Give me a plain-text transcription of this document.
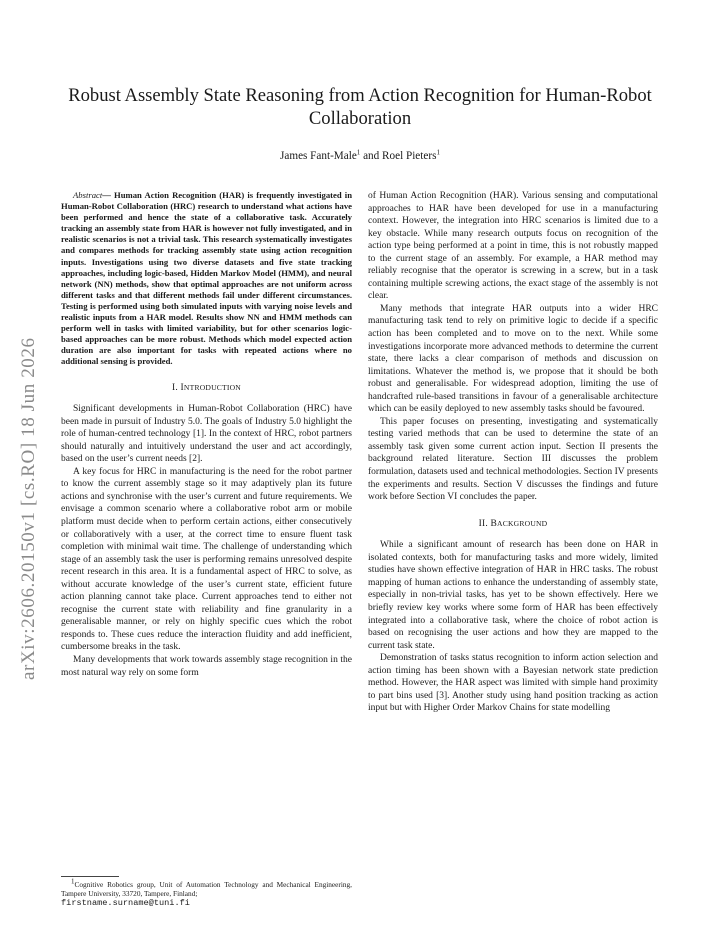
arXiv:2606.20150v1 [cs.RO] 18 Jun 2026
Robust Assembly State Reasoning from Action Recognition for Human-Robot Collaboration
James Fant-Male$^1$ and Roel Pieters$^1$

Abstract— Human Action Recognition (HAR) is frequently investigated in Human-Robot Collaboration (HRC) research to understand what actions have been performed and hence the state of a collaborative task. Accurately tracking an assembly state from HAR is however not fully investigated, and in realistic scenarios is not a trivial task. This research systematically investigates and compares methods for tracking assembly state using action recognition inputs. Investigations using two diverse datasets and five state tracking approaches, including logic-based, Hidden Markov Model (HMM), and neural network (NN) methods, show that optimal approaches are not uniform across different tasks and that different methods fail under different circumstances. Testing is performed using both simulated inputs with varying noise levels and realistic inputs from a HAR model. Results show NN and HMM methods can perform well in tasks with limited variability, but for other scenarios logic-based approaches can be more robust. Methods which model expected action duration are also important for tasks with repeated actions where no additional sensing is provided.

I. INTRODUCTION

Significant developments in Human-Robot Collaboration (HRC) have been made in pursuit of Industry 5.0. The goals of Industry 5.0 highlight the role of human-centred technology [1]. In the context of HRC, robot partners should naturally and intuitively understand the user and act accordingly, based on the user’s current needs [2].

A key focus for HRC in manufacturing is the need for the robot partner to know the current assembly stage so it may adaptively plan its future actions and synchronise with the user’s current and future requirements. We envisage a common scenario where a collaborative robot arm or mobile platform must decide when to perform certain actions, either consecutively or collaboratively with a user, at the correct time to ensure fluent task completion with minimal wait time. The challenge of understanding which stage of an assembly task the user is performing remains unresolved despite recent research in this area. It is a fundamental aspect of HRC to solve, as without accurate knowledge of the user’s current state, efficient future action planning cannot take place. Current approaches tend to either not recognise the current state with reliability and fine granularity in a generalisable manner, or rely on highly specific cues which the robot responds to. These cues reduce the interaction fluidity and add inefficient, cumbersome breaks in the task.

Many developments that work towards assembly stage recognition in the most natural way rely on some form

of Human Action Recognition (HAR). Various sensing and computational approaches to HAR have been developed for use in a manufacturing context. However, the integration into HRC scenarios is limited due to a key obstacle. While many research outputs focus on recognition of the action type being performed at a point in time, this is not robustly mapped to the current stage of an assembly. For example, a HAR method may reliably recognise that the operator is screwing in a screw, but in a task containing multiple screwing actions, the exact stage of the assembly is not clear.

Many methods that integrate HAR outputs into a wider HRC manufacturing task tend to rely on primitive logic to decide if a specific action has been completed and to move on to the next. While some investigations incorporate more advanced methods to determine the current state, there lacks a clear comparison of methods and discussion on limitations. Whatever the method is, we propose that it should be both robust and generalisable. For widespread adoption, limiting the use of handcrafted rule-based transitions in favour of a generalisable architecture which can be easily deployed to new assembly tasks should be favoured.

This paper focuses on presenting, investigating and systematically testing varied methods that can be used to determine the state of an assembly task given some current action input. Section II presents the background related literature. Section III discusses the problem formulation, datasets used and technical methodologies. Section IV presents the experiments and results. Section V discusses the findings and future work before Section VI concludes the paper.

II. BACKGROUND

While a significant amount of research has been done on HAR in isolated contexts, both for manufacturing tasks and more widely, limited studies have shown effective integration of HAR in HRC tasks. The robust mapping of human actions to enhance the understanding of assembly state, especially in non-trivial tasks, has yet to be shown effectively. Here we briefly review key works where some form of HAR has been effectively integrated into a collaborative task, where the choice of robot action is based on recognising the user actions and how they are mapped to the current task state.

Demonstration of tasks status recognition to inform action selection and action timing has been shown with a Bayesian network state prediction method. However, the HAR aspect was limited with simple hand proximity to part bins used [3]. Another study using hand position tracking as action input but with Higher Order Markov Chains for state modelling

$^1$Cognitive Robotics group, Unit of Automation Technology and Mechanical Engineering, Tampere University, 33720, Tampere, Finland;
firstname.surname@tuni.fi
